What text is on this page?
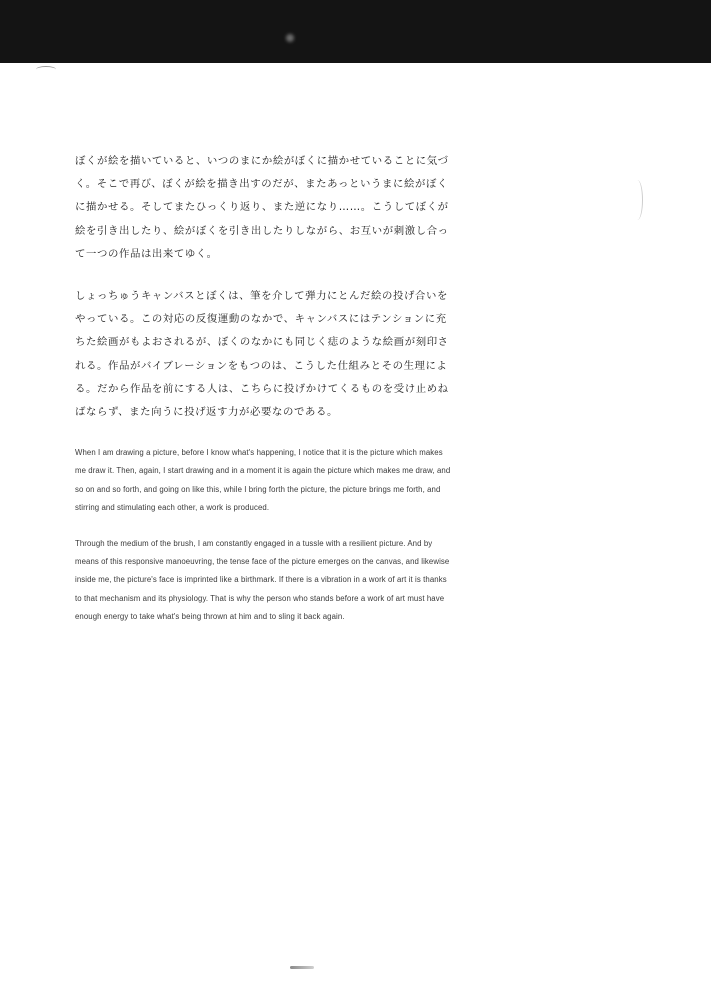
ぼくが絵を描いていると、いつのまにか絵がぼくに描かせていることに気づく。そこで再び、ぼくが絵を描き出すのだが、またあっというまに絵がぼくに描かせる。そしてまたひっくり返り、また逆になり……。こうしてぼくが絵を引き出したり、絵がぼくを引き出したりしながら、お互いが刺激し合って一つの作品は出来てゆく。

しょっちゅうキャンバスとぼくは、筆を介して弾力にとんだ絵の投げ合いをやっている。この対応の反復運動のなかで、キャンバスにはテンションに充ちた絵画がもよおされるが、ぼくのなかにも同じく痣のような絵画が刻印される。作品がバイブレーションをもつのは、こうした仕組みとその生理による。だから作品を前にする人は、こちらに投げかけてくるものを受け止めねばならず、また向うに投げ返す力が必要なのである。

When I am drawing a picture, before I know what's happening, I notice that it is the picture which makes me draw it. Then, again, I start drawing and in a moment it is again the picture which makes me draw, and so on and so forth, and going on like this, while I bring forth the picture, the picture brings me forth, and stirring and stimulating each other, a work is produced.

Through the medium of the brush, I am constantly engaged in a tussle with a resilient picture. And by means of this responsive manoeuvring, the tense face of the picture emerges on the canvas, and likewise inside me, the picture's face is imprinted like a birthmark. If there is a vibration in a work of art it is thanks to that mechanism and its physiology. That is why the person who stands before a work of art must have enough energy to take what's being thrown at him and to sling it back again.
